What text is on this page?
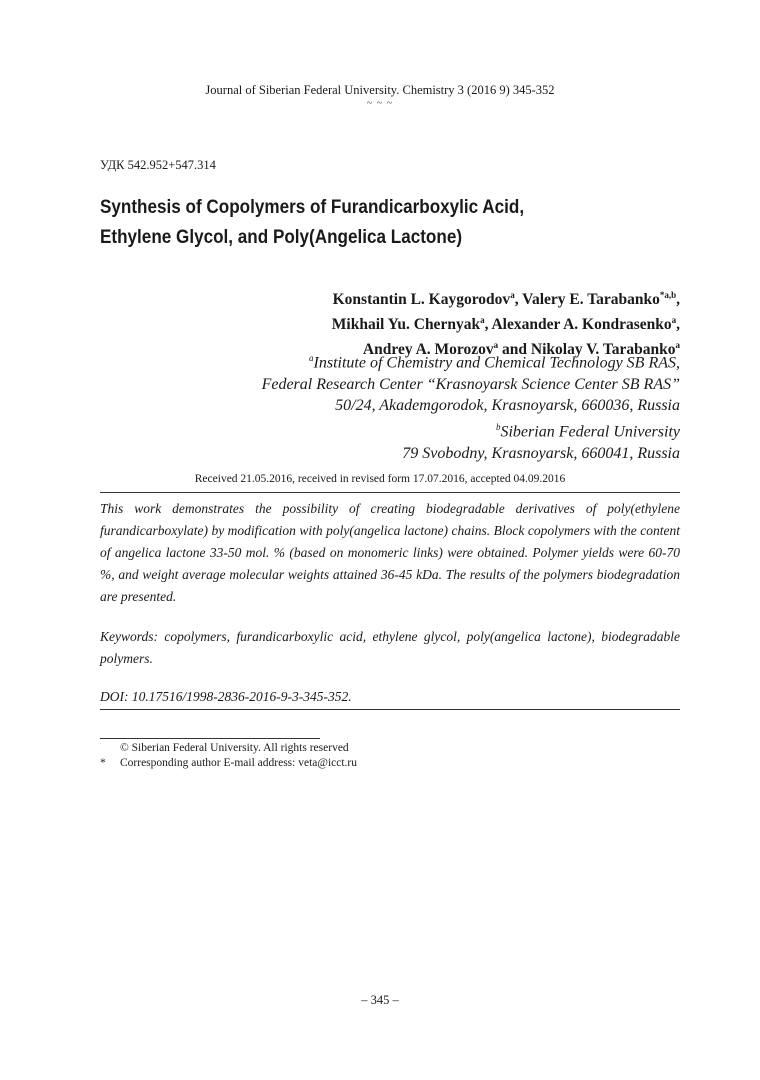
Journal of Siberian Federal University. Chemistry 3 (2016 9) 345-352
~ ~ ~
УДК 542.952+547.314
Synthesis of Copolymers of Furandicarboxylic Acid,
Ethylene Glycol, and Poly(Angelica Lactone)
Konstantin L. Kaygorodov$^a$, Valery E. Tarabanko$^{*a,b}$,
Mikhail Yu. Chernyak$^a$, Alexander A. Kondrasenko$^a$,
Andrey A. Morozov$^a$ and Nikolay V. Tarabanko$^a$
$^a$Institute of Chemistry and Chemical Technology SB RAS,
Federal Research Center “Krasnoyarsk Science Center SB RAS”
50/24, Akademgorodok, Krasnoyarsk, 660036, Russia
$^b$Siberian Federal University
79 Svobodny, Krasnoyarsk, 660041, Russia
Received 21.05.2016, received in revised form 17.07.2016, accepted 04.09.2016
This work demonstrates the possibility of creating biodegradable derivatives of poly(ethylene furandicarboxylate) by modification with poly(angelica lactone) chains. Block copolymers with the content of angelica lactone 33-50 mol. % (based on monomeric links) were obtained. Polymer yields were 60-70 %, and weight average molecular weights attained 36-45 kDa. The results of the polymers biodegradation are presented.
Keywords: copolymers, furandicarboxylic acid, ethylene glycol, poly(angelica lactone), biodegradable polymers.
DOI: 10.17516/1998-2836-2016-9-3-345-352.
© Siberian Federal University. All rights reserved
* Corresponding author E-mail address: veta@icct.ru
– 345 –
